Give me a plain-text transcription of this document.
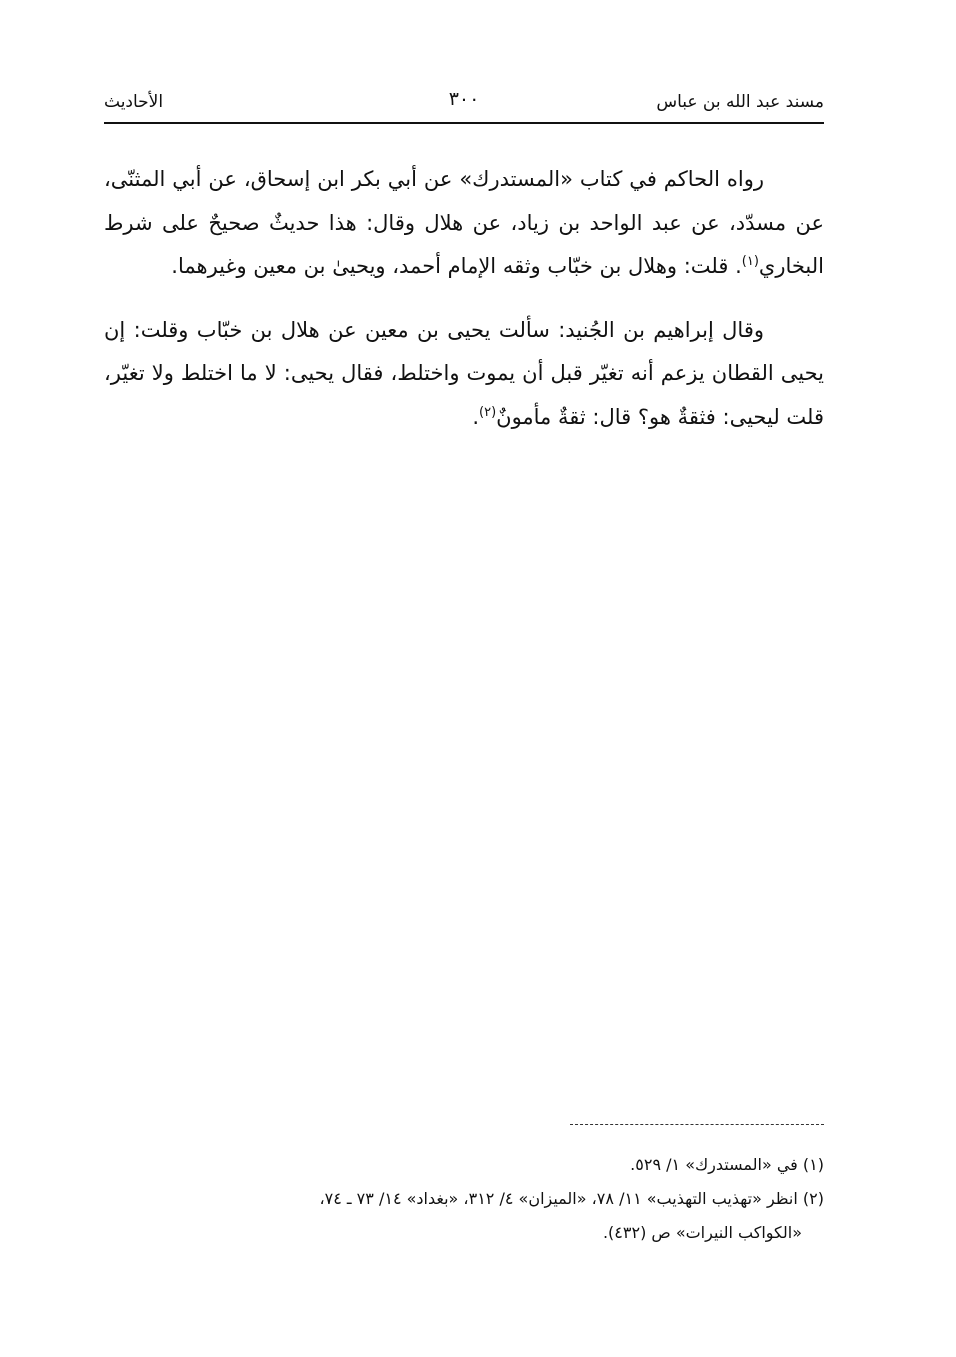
مسند عبد الله بن عباس
٣٠٠
الأحاديث

رواه الحاكم في كتاب «المستدرك» عن أبي بكر ابن إسحاق، عن أبي المثنّى، عن مسدّد، عن عبد الواحد بن زياد، عن هلال وقال: هذا حديثٌ صحيحٌ على شرط البخاري$^{(١)}$. قلت: وهلال بن خبّاب وثقه الإمام أحمد، ويحيىٰ بن معين وغيرهما.

وقال إبراهيم بن الجُنيد: سألت يحيى بن معين عن هلال بن خبّاب وقلت: إن يحيى القطان يزعم أنه تغيّر قبل أن يموت واختلط، فقال يحيى: لا ما اختلط ولا تغيّر، قلت ليحيى: فثقةٌ هو؟ قال: ثقةٌ مأمونٌ$^{(٢)}$.

(١) في «المستدرك» ١/ ٥٢٩.

(٢) انظر «تهذيب التهذيب» ١١/ ٧٨، «الميزان» ٤/ ٣١٢، «بغداد» ١٤/ ٧٣ ـ ٧٤،

«الكواكب النيرات» ص (٤٣٢).
